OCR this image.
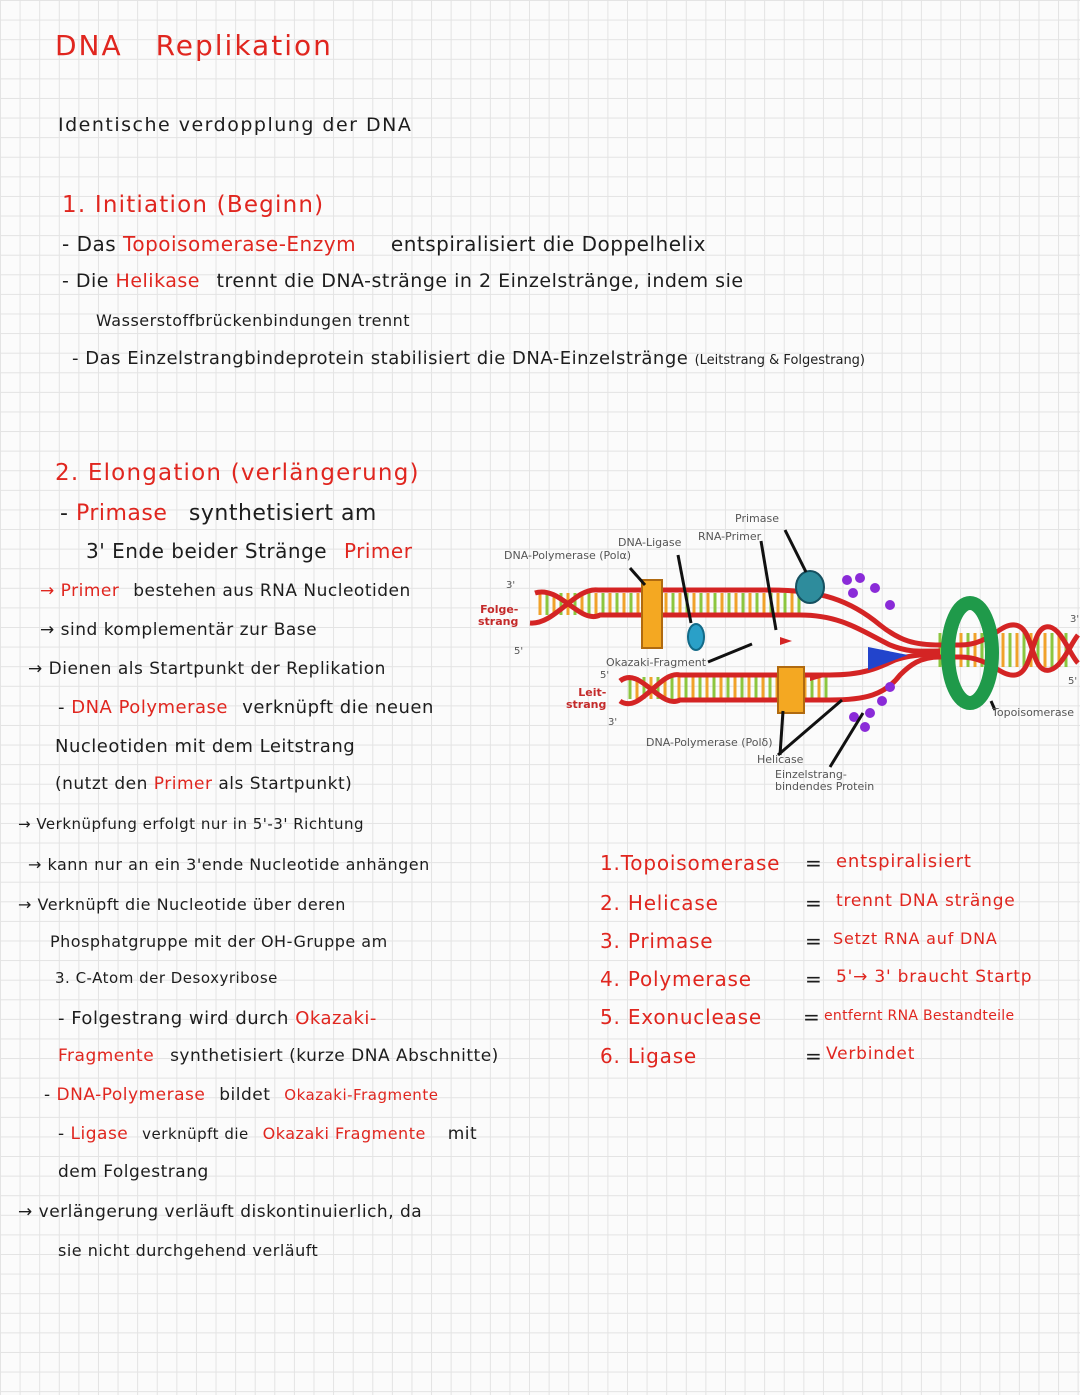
DNA Replikation
Identische verdopplung der DNA
1. Initiation (Beginn)
- Das Topoisomerase-Enzym entspiralisiert die Doppelhelix
- Die Helikase trennt die DNA-stränge in 2 Einzelstränge, indem sie
Wasserstoffbrückenbindungen trennt
- Das Einzelstrangbindeprotein stabilisiert die DNA-Einzelstränge (Leitstrang & Folgestrang)
2. Elongation (verlängerung)
- Primase synthetisiert am
3' Ende beider Stränge Primer
→ Primer bestehen aus RNA Nucleotiden
→ sind komplementär zur Base
→ Dienen als Startpunkt der Replikation
- DNA Polymerase verknüpft die neuen
Nucleotiden mit dem Leitstrang
(nutzt den Primer als Startpunkt)
→ Verknüpfung erfolgt nur in 5'-3' Richtung
→ kann nur an ein 3'ende Nucleotide anhängen
→ Verknüpft die Nucleotide über deren
Phosphatgruppe mit der OH-Gruppe am
3. C-Atom der Desoxyribose
- Folgestrang wird durch Okazaki-
Fragmente synthetisiert (kurze DNA Abschnitte)
- DNA-Polymerase bildet Okazaki-Fragmente
- Ligase verknüpft die Okazaki Fragmente mit
dem Folgestrang
→ verlängerung verläuft diskontinuierlich, da
sie nicht durchgehend verläuft
Primase
DNA-Ligase RNA-Primer
DNA-Polymerase (Polα)
3'
Folge-
strang
5'
Okazaki-Fragment
5'
Leit-
strang
3'
DNA-Polymerase (Polδ)
Helicase
Einzelstrang-
bindendes Protein
Topoisomerase
3'
5'
1.Topoisomerase
2. Helicase
3. Primase
4. Polymerase
5. Exonuclease
6. Ligase
=
=
=
=
=
=
entspiralisiert
trennt DNA stränge
Setzt RNA auf DNA
5'→ 3' braucht Startp
entfernt RNA Bestandteile
Verbindet
